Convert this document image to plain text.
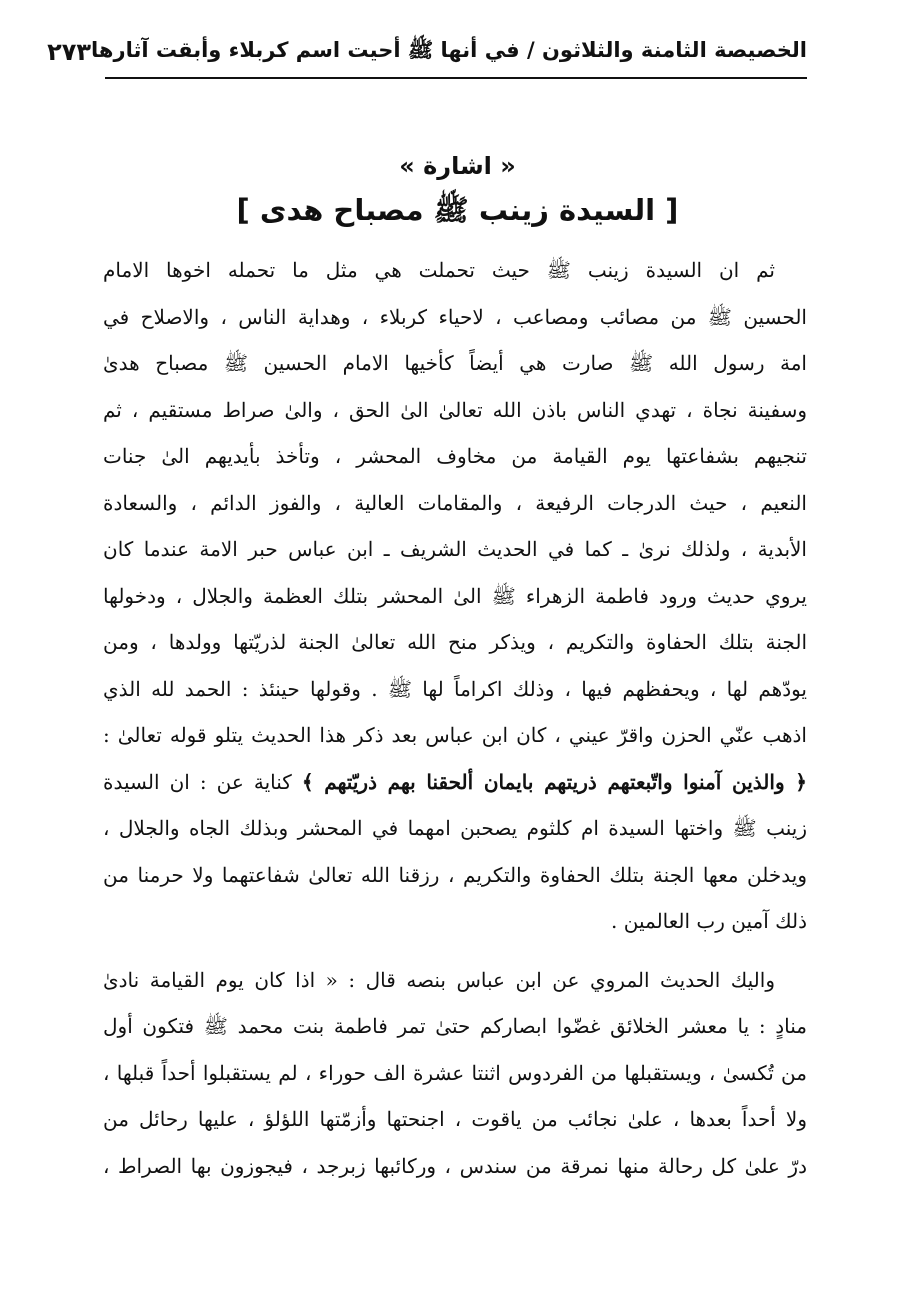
الخصيصة الثامنة والثلاثون / في أنها ﷺ أحيت اسم كربلاء وأبقت آثارها
٢٧٣
« اشارة »
[ السيدة زينب ﷺ مصباح هدى ]
ثم ان السيدة زينب ﷺ حيث تحملت هي مثل ما تحمله اخوها الامام
الحسين ﷺ من مصائب ومصاعب ، لاحياء كربلاء ، وهداية الناس ، والاصلاح في
امة رسول الله ﷺ صارت هي أيضاً كأخيها الامام الحسين ﷺ مصباح هدىٰ
وسفينة نجاة ، تهدي الناس باذن الله تعالىٰ الىٰ الحق ، والىٰ صراط مستقيم ، ثم
تنجيهم بشفاعتها يوم القيامة من مخاوف المحشر ، وتأخذ بأيديهم الىٰ جنات
النعيم ، حيث الدرجات الرفيعة ، والمقامات العالية ، والفوز الدائم ، والسعادة
الأبدية ، ولذلك نرىٰ ـ كما في الحديث الشريف ـ ابن عباس حبر الامة عندما كان
يروي حديث ورود فاطمة الزهراء ﷺ الىٰ المحشر بتلك العظمة والجلال ، ودخولها
الجنة بتلك الحفاوة والتكريم ، ويذكر منح الله تعالىٰ الجنة لذريّتها وولدها ، ومن
يودّهم لها ، ويحفظهم فيها ، وذلك اكراماً لها ﷺ . وقولها حينئذ : الحمد لله الذي
اذهب عنّي الحزن واقرّ عيني ، كان ابن عباس بعد ذكر هذا الحديث يتلو قوله تعالىٰ :
﴿ والذين آمنوا واتّبعتهم ذريتهم بايمان ألحقنا بهم ذريّتهم ﴾ كناية عن : ان السيدة
زينب ﷺ واختها السيدة ام كلثوم يصحبن امهما في المحشر وبذلك الجاه والجلال ،
ويدخلن معها الجنة بتلك الحفاوة والتكريم ، رزقنا الله تعالىٰ شفاعتهما ولا حرمنا من
ذلك آمين رب العالمين .
واليك الحديث المروي عن ابن عباس بنصه قال : « اذا كان يوم القيامة نادىٰ
منادٍ : يا معشر الخلائق غضّوا ابصاركم حتىٰ تمر فاطمة بنت محمد ﷺ فتكون أول
من تُكسىٰ ، ويستقبلها من الفردوس اثنتا عشرة الف حوراء ، لم يستقبلوا أحداً قبلها ،
ولا أحداً بعدها ، علىٰ نجائب من ياقوت ، اجنحتها وأزمّتها اللؤلؤ ، عليها رحائل من
درّ علىٰ كل رحالة منها نمرقة من سندس ، وركائبها زبرجد ، فيجوزون بها الصراط ،
